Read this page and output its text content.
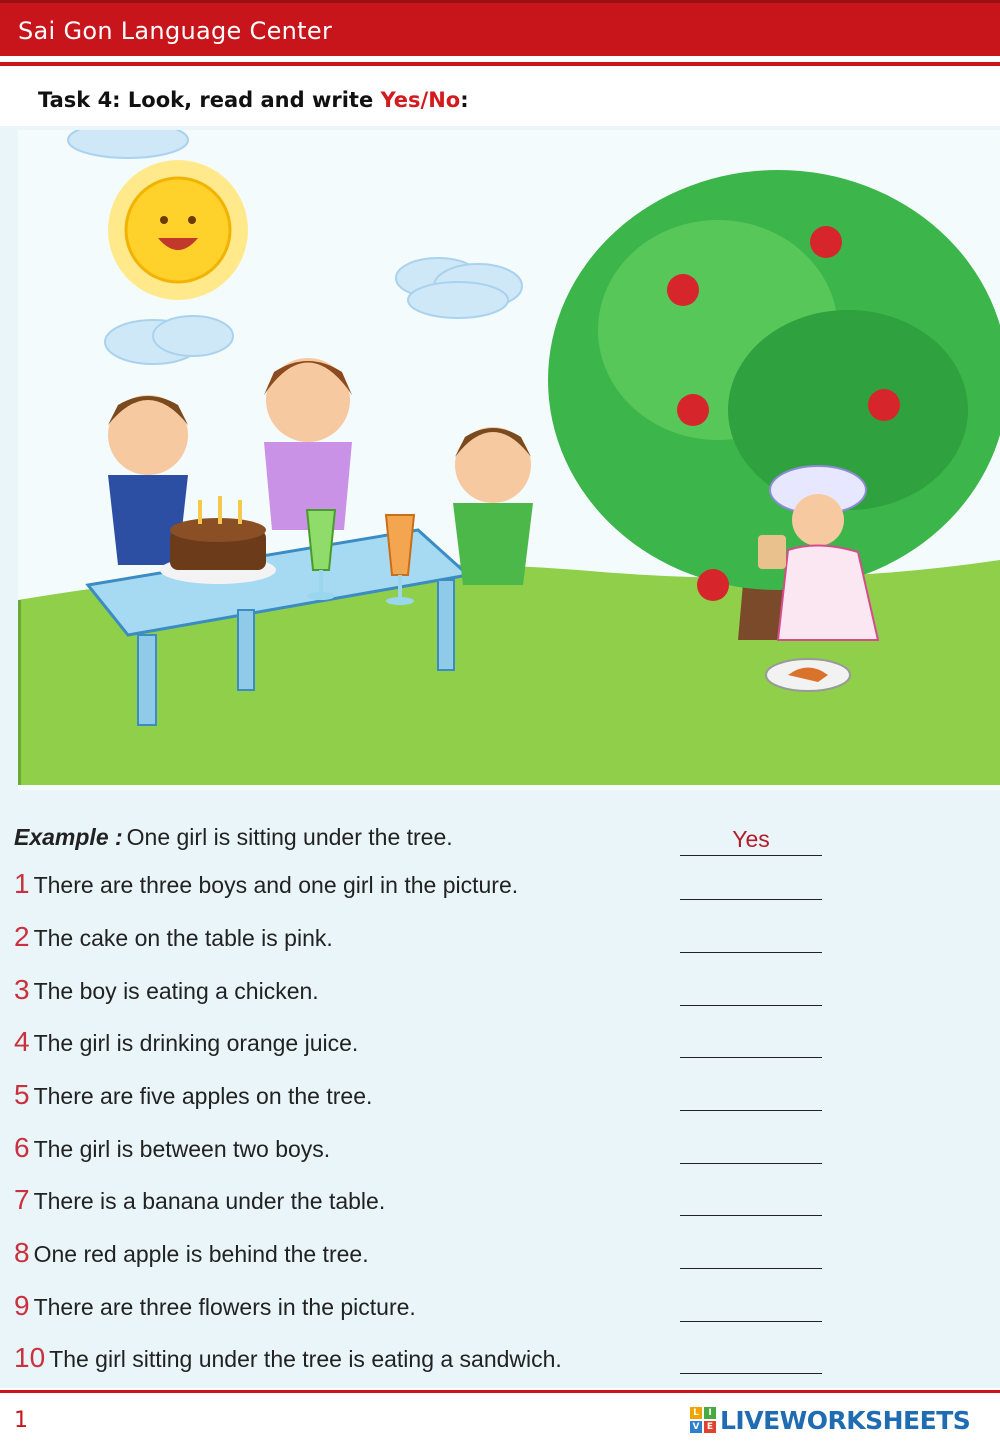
Sai Gon Language Center
Task 4: Look, read and write Yes/No:
Example : One girl is sitting under the tree.	Yes
1 There are three boys and one girl in the picture.
2 The cake on the table is pink.
3 The boy is eating a chicken.
4 The girl is drinking orange juice.
5 There are five apples on the tree.
6 The girl is between two boys.
7 There is a banana under the table.
8 One red apple is behind the tree.
9 There are three flowers in the picture.
10 The girl sitting under the tree is eating a sandwich.
1	L	I
V E LIVEWORKSHEETS
